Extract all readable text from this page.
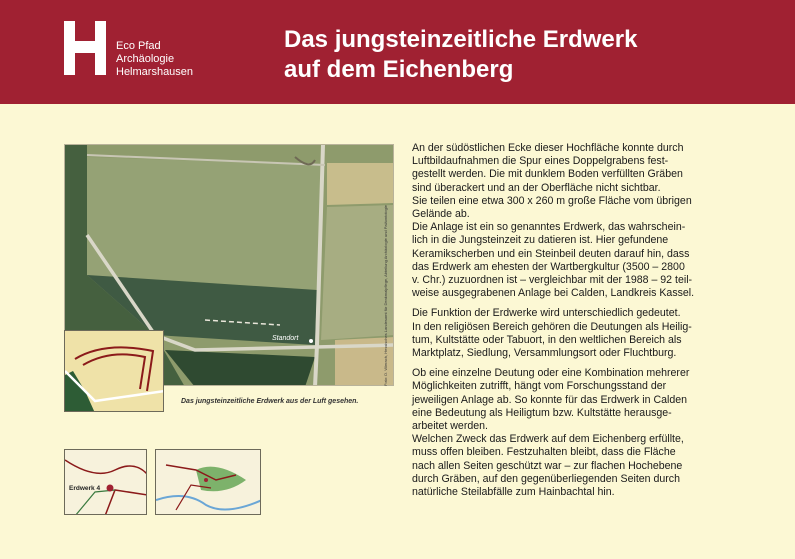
Eco Pfad
Archäologie
Helmarshausen
Das jungsteinzeitliche Erdwerk
auf dem Eichenberg
Foto: D. Wierach, Hessisches Landesamt für Denkmalpflege, Abteilung Archäologie und Paläontologie
Standort
Das jungsteinzeitliche Erdwerk aus der Luft gesehen.
Erdwerk 4

An der südöstlichen Ecke dieser Hochfläche konnte durch
Luftbildaufnahmen die Spur eines Doppelgrabens fest-
gestellt werden. Die mit dunklem Boden verfüllten Gräben
sind überackert und an der Oberfläche nicht sichtbar.
Sie teilen eine etwa 300 x 260 m große Fläche vom übrigen
Gelände ab.
Die Anlage ist ein so genanntes Erdwerk, das wahrschein-
lich in die Jungsteinzeit zu datieren ist. Hier gefundene
Keramikscherben und ein Steinbeil deuten darauf hin, dass
das Erdwerk am ehesten der Wartbergkultur (3500 – 2800
v. Chr.) zuzuordnen ist – vergleichbar mit der 1988 – 92 teil-
weise ausgegrabenen Anlage bei Calden, Landkreis Kassel.

Die Funktion der Erdwerke wird unterschiedlich gedeutet.
In den religiösen Bereich gehören die Deutungen als Heilig-
tum, Kultstätte oder Tabuort, in den weltlichen Bereich als
Marktplatz, Siedlung, Versammlungsort oder Fluchtburg.

Ob eine einzelne Deutung oder eine Kombination mehrerer
Möglichkeiten zutrifft, hängt vom Forschungsstand der
jeweiligen Anlage ab. So konnte für das Erdwerk in Calden
eine Bedeutung als Heiligtum bzw. Kultstätte herausge-
arbeitet werden.
Welchen Zweck das Erdwerk auf dem Eichenberg erfüllte,
muss offen bleiben. Festzuhalten bleibt, dass die Fläche
nach allen Seiten geschützt war – zur flachen Hochebene
durch Gräben, auf den gegenüberliegenden Seiten durch
natürliche Steilabfälle zum Hainbachtal hin.
